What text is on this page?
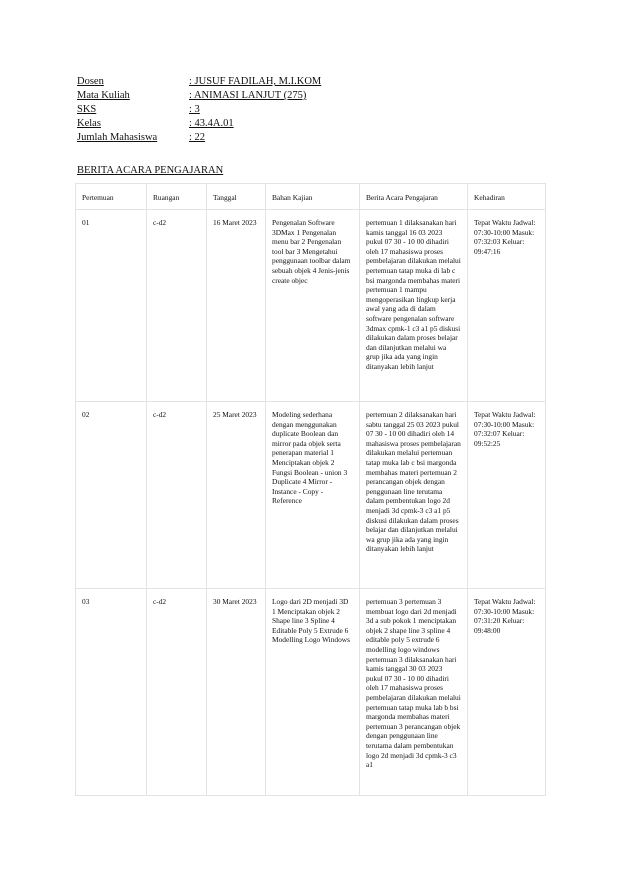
Dosen	: JUSUF FADILAH, M.I.KOM
Mata Kuliah	: ANIMASI LANJUT (275)
SKS	: 3
Kelas	: 43.4A.01
Jumlah Mahasiswa	: 22
BERITA ACARA PENGAJARAN
Pertemuan	Ruangan	Tanggal	Bahan Kajian	Berita Acara Pengajaran	Kehadiran
01	c-d2	16 Maret 2023	Pengenalan Software 3DMax 1 Pengenalan menu bar 2 Pengenalan tool bar 3 Mengetahui penggunaan toolbar dalam sebuah objek 4 Jenis-jenis create objec	pertemuan 1 dilaksanakan hari kamis tanggal 16 03 2023 pukul 07 30 - 10 00 dihadiri oleh 17 mahasiswa proses pembelajaran dilakukan melalui pertemuan tatap muka di lab c bsi margonda membahas materi pertemuan 1 mampu mengoperasikan lingkup kerja awal yang ada di dalam software pengenalan software 3dmax cpmk-1 c3 a1 p5 diskusi dilakukan dalam proses belajar dan dilanjutkan melalui wa grup jika ada yang ingin ditanyakan lebih lanjut	Tepat Waktu Jadwal: 07:30-10:00 Masuk: 07:32:03 Keluar: 09:47:16
02	c-d2	25 Maret 2023	Modeling sederhana dengan menggunakan duplicate Boolean dan mirror pada objek serta penerapan material 1 Menciptakan objek 2 Fungsi Boolean - union 3 Duplicate 4 Mirror - Instance - Copy - Reference	pertemuan 2 dilaksanakan hari sabtu tanggal 25 03 2023 pukul 07 30 - 10 00 dihadiri oleh 14 mahasiswa proses pembelajaran dilakukan melalui pertemuan tatap muka lab c bsi margonda membahas materi pertemuan 2 perancangan objek dengan penggunaan line terutama dalam pembentukan logo 2d menjadi 3d cpmk-3 c3 a1 p5 diskusi dilakukan dalam proses belajar dan dilanjutkan melalui wa grup jika ada yang ingin ditanyakan lebih lanjut	Tepat Waktu Jadwal: 07:30-10:00 Masuk: 07:32:07 Keluar: 09:52:25
03	c-d2	30 Maret 2023	Logo dari 2D menjadi 3D 1 Menciptakan objek 2 Shape line 3 Spline 4 Editable Poly 5 Extrude 6 Modelling Logo Windows	pertemuan 3 pertemuan 3 membuat logo dari 2d menjadi 3d a sub pokok 1 menciptakan objek 2 shape line 3 spline 4 editable poly 5 extrude 6 modelling logo windows pertemuan 3 dilaksanakan hari kamis tanggal 30 03 2023 pukul 07 30 - 10 00 dihadiri oleh 17 mahasiswa proses pembelajaran dilakukan melalui pertemuan tatap muka lab b bsi margonda membahas materi pertemuan 3 perancangan objek dengan penggunaan line terutama dalam pembentukan logo 2d menjadi 3d cpmk-3 c3 a1	Tepat Waktu Jadwal: 07:30-10:00 Masuk: 07:31:20 Keluar: 09:48:00
